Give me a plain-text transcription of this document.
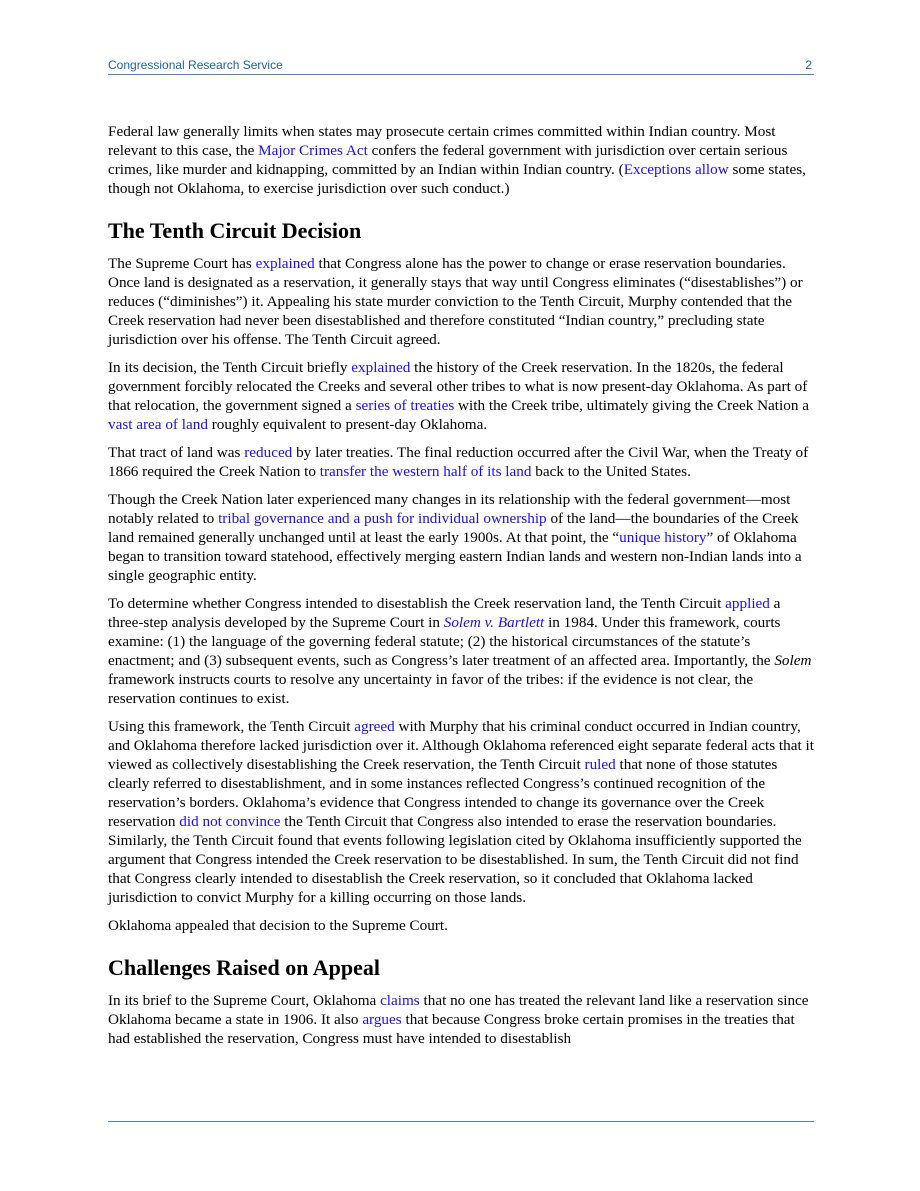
Congressional Research Service	2

Federal law generally limits when states may prosecute certain crimes committed within Indian country. Most relevant to this case, the Major Crimes Act confers the federal government with jurisdiction over certain serious crimes, like murder and kidnapping, committed by an Indian within Indian country. (Exceptions allow some states, though not Oklahoma, to exercise jurisdiction over such conduct.)

The Tenth Circuit Decision

The Supreme Court has explained that Congress alone has the power to change or erase reservation boundaries. Once land is designated as a reservation, it generally stays that way until Congress eliminates (“disestablishes”) or reduces (“diminishes”) it. Appealing his state murder conviction to the Tenth Circuit, Murphy contended that the Creek reservation had never been disestablished and therefore constituted “Indian country,” precluding state jurisdiction over his offense. The Tenth Circuit agreed.

In its decision, the Tenth Circuit briefly explained the history of the Creek reservation. In the 1820s, the federal government forcibly relocated the Creeks and several other tribes to what is now present-day Oklahoma. As part of that relocation, the government signed a series of treaties with the Creek tribe, ultimately giving the Creek Nation a vast area of land roughly equivalent to present-day Oklahoma.

That tract of land was reduced by later treaties. The final reduction occurred after the Civil War, when the Treaty of 1866 required the Creek Nation to transfer the western half of its land back to the United States.

Though the Creek Nation later experienced many changes in its relationship with the federal government—most notably related to tribal governance and a push for individual ownership of the land—the boundaries of the Creek land remained generally unchanged until at least the early 1900s. At that point, the “unique history” of Oklahoma began to transition toward statehood, effectively merging eastern Indian lands and western non-Indian lands into a single geographic entity.

To determine whether Congress intended to disestablish the Creek reservation land, the Tenth Circuit applied a three-step analysis developed by the Supreme Court in Solem v. Bartlett in 1984. Under this framework, courts examine: (1) the language of the governing federal statute; (2) the historical circumstances of the statute’s enactment; and (3) subsequent events, such as Congress’s later treatment of an affected area. Importantly, the Solem framework instructs courts to resolve any uncertainty in favor of the tribes: if the evidence is not clear, the reservation continues to exist.

Using this framework, the Tenth Circuit agreed with Murphy that his criminal conduct occurred in Indian country, and Oklahoma therefore lacked jurisdiction over it. Although Oklahoma referenced eight separate federal acts that it viewed as collectively disestablishing the Creek reservation, the Tenth Circuit ruled that none of those statutes clearly referred to disestablishment, and in some instances reflected Congress’s continued recognition of the reservation’s borders. Oklahoma’s evidence that Congress intended to change its governance over the Creek reservation did not convince the Tenth Circuit that Congress also intended to erase the reservation boundaries. Similarly, the Tenth Circuit found that events following legislation cited by Oklahoma insufficiently supported the argument that Congress intended the Creek reservation to be disestablished. In sum, the Tenth Circuit did not find that Congress clearly intended to disestablish the Creek reservation, so it concluded that Oklahoma lacked jurisdiction to convict Murphy for a killing occurring on those lands.

Oklahoma appealed that decision to the Supreme Court.

Challenges Raised on Appeal

In its brief to the Supreme Court, Oklahoma claims that no one has treated the relevant land like a reservation since Oklahoma became a state in 1906. It also argues that because Congress broke certain promises in the treaties that had established the reservation, Congress must have intended to disestablish
